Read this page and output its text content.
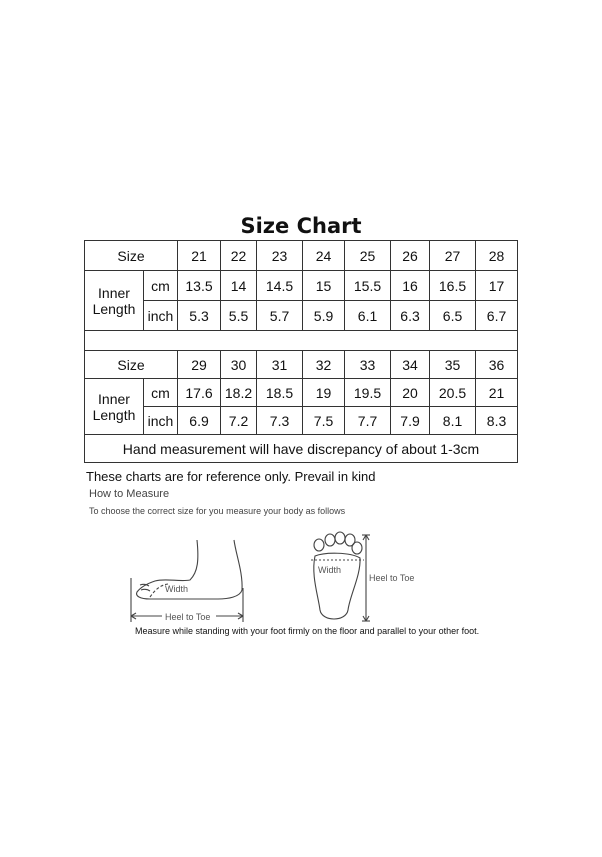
Size Chart
Size		21	22	23	24	25	26	27	28

Inner
Length	cm	13.5	14	14.5	15	15.5	16	16.5	17
	inch	5.3	5.5	5.7	5.9	6.1	6.3	6.5	6.7

Size		29	30	31	32	33	34	35	36

Inner
Length	cm	17.6	18.2	18.5	19	19.5	20	20.5	21
	inch	6.9	7.2	7.3	7.5	7.7	7.9	8.1	8.3
Hand measurement will have discrepancy of about 1-3cm									
These charts are for reference only. Prevail in kind
How to Measure
To choose the correct size for you measure your body as follows
Width
Heel to Toe
Width
Heel to Toe
Measure while standing with your foot firmly on the floor and parallel to your other foot.
